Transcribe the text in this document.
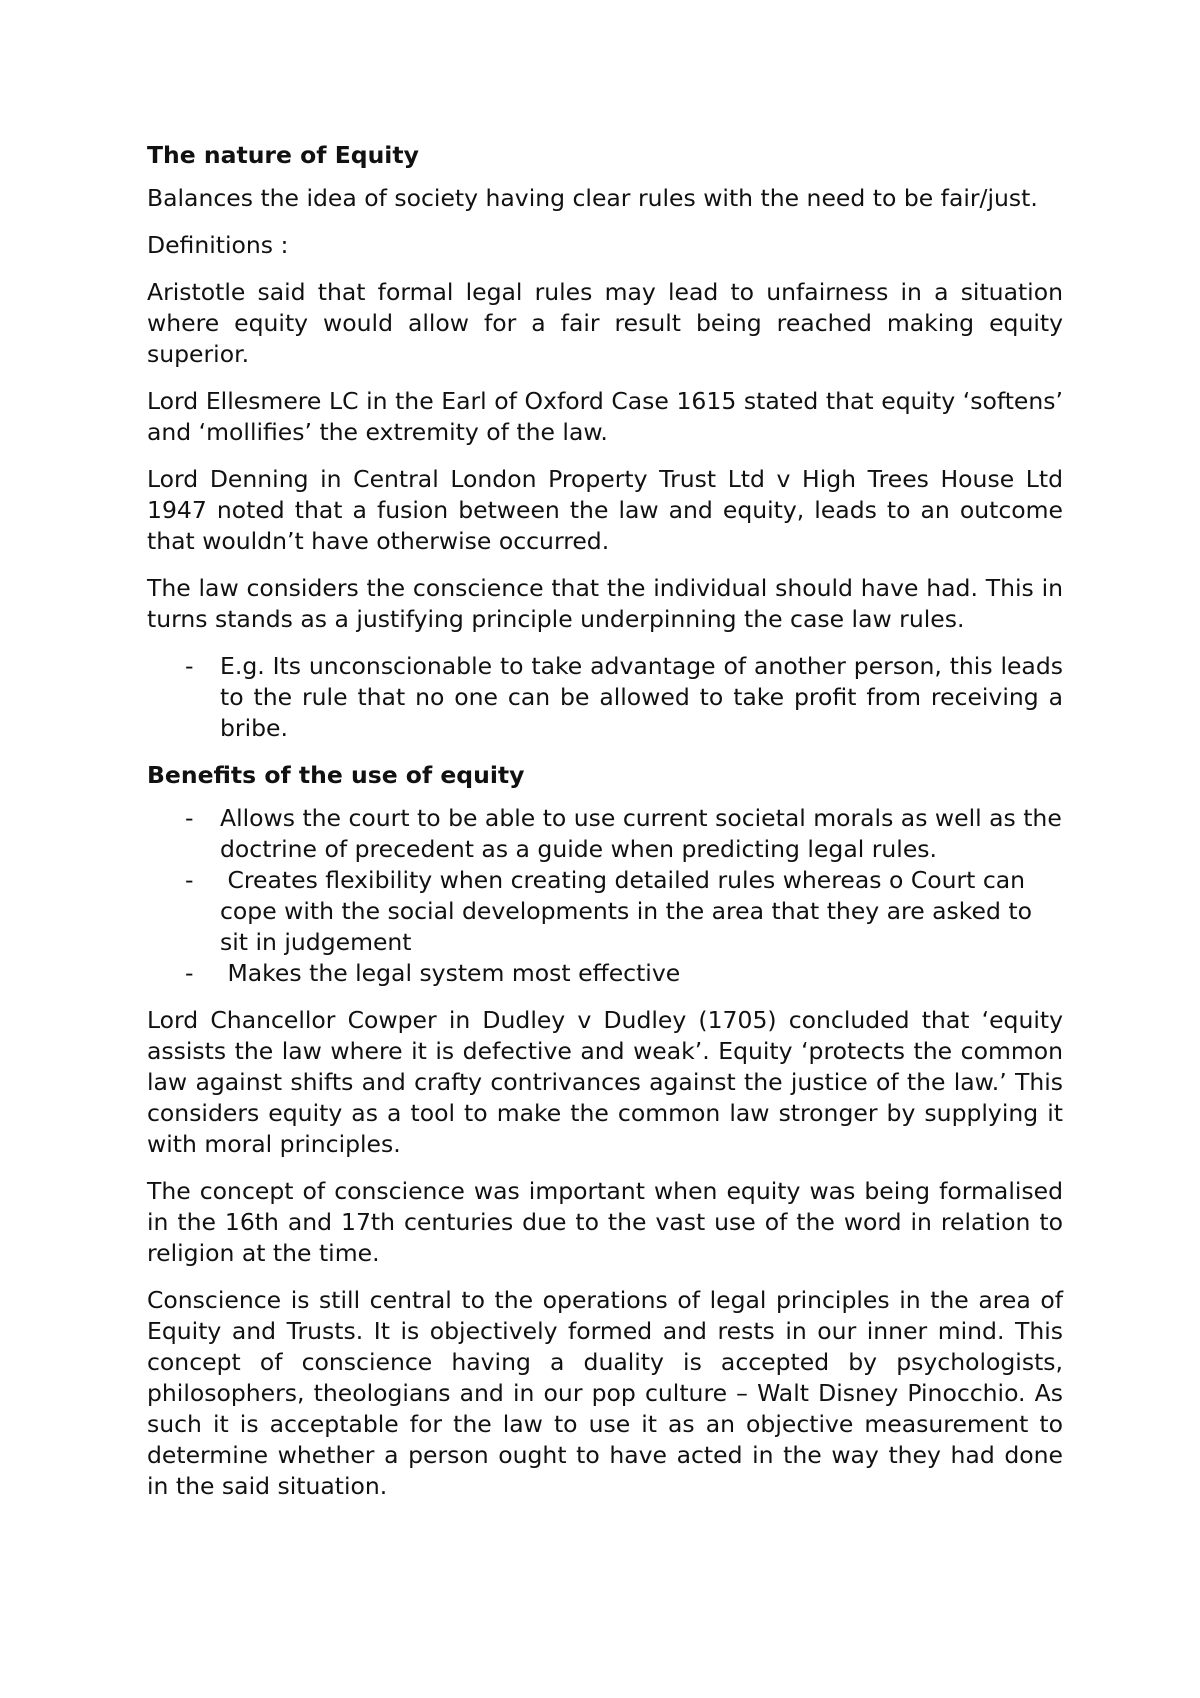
The nature of Equity

Balances the idea of society having clear rules with the need to be fair/just.

Definitions :

Aristotle said that formal legal rules may lead to unfairness in a situation where equity would allow for a fair result being reached making equity superior.

Lord Ellesmere LC in the Earl of Oxford Case 1615 stated that equity ‘softens’ and ‘mollifies’ the extremity of the law.

Lord Denning in Central London Property Trust Ltd v High Trees House Ltd 1947 noted that a fusion between the law and equity, leads to an outcome that wouldn’t have otherwise occurred.

The law considers the conscience that the individual should have had. This in turns stands as a justifying principle underpinning the case law rules.

- E.g. Its unconscionable to take advantage of another person, this leads to the rule that no one can be allowed to take profit from receiving a bribe.
Benefits of the use of equity
- Allows the court to be able to use current societal morals as well as the doctrine of precedent as a guide when predicting legal rules.
- Creates flexibility when creating detailed rules whereas o Court can cope with the social developments in the area that they are asked to sit in judgement
- Makes the legal system most effective

Lord Chancellor Cowper in Dudley v Dudley (1705) concluded that ‘equity assists the law where it is defective and weak’. Equity ‘protects the common law against shifts and crafty contrivances against the justice of the law.’ This considers equity as a tool to make the common law stronger by supplying it with moral principles.

The concept of conscience was important when equity was being formalised in the 16th and 17th centuries due to the vast use of the word in relation to religion at the time.

Conscience is still central to the operations of legal principles in the area of Equity and Trusts. It is objectively formed and rests in our inner mind. This concept of conscience having a duality is accepted by psychologists, philosophers, theologians and in our pop culture – Walt Disney Pinocchio. As such it is acceptable for the law to use it as an objective measurement to determine whether a person ought to have acted in the way they had done in the said situation.
